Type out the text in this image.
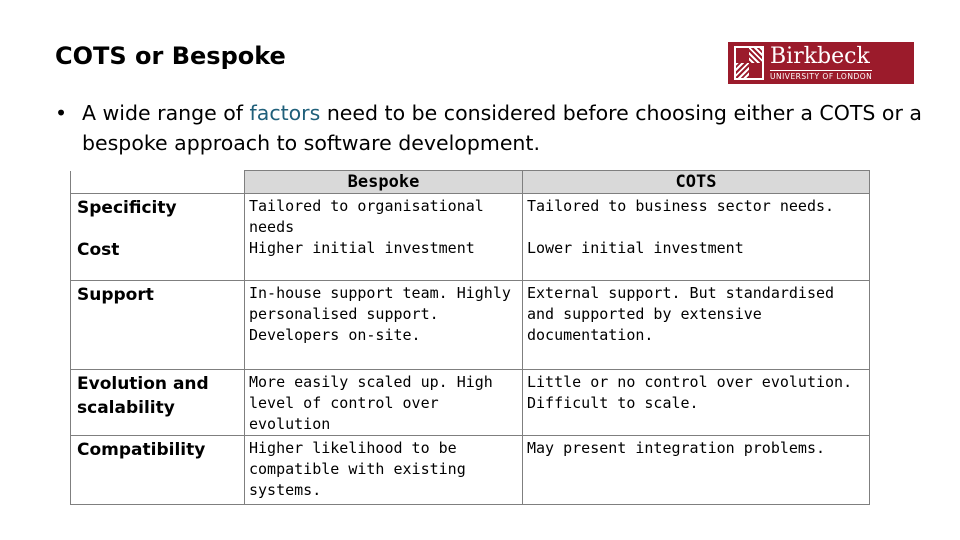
COTS or Bespoke	Birkbeck
UNIVERSITY OF LONDON
• A wide range of factors need to be considered before choosing either a COTS or a bespoke approach to software development.
	Bespoke	COTS
Specificity	Tailored to organisational needs	Tailored to business sector needs.
Cost	Higher initial investment	Lower initial investment
Support	In-house support team. Highly personalised support. Developers on-site.	External support. But standardised and supported by extensive documentation.
Evolution and scalability	More easily scaled up. High level of control over evolution	Little or no control over evolution. Difficult to scale.
Compatibility	Higher likelihood to be compatible with existing systems.	May present integration problems.
